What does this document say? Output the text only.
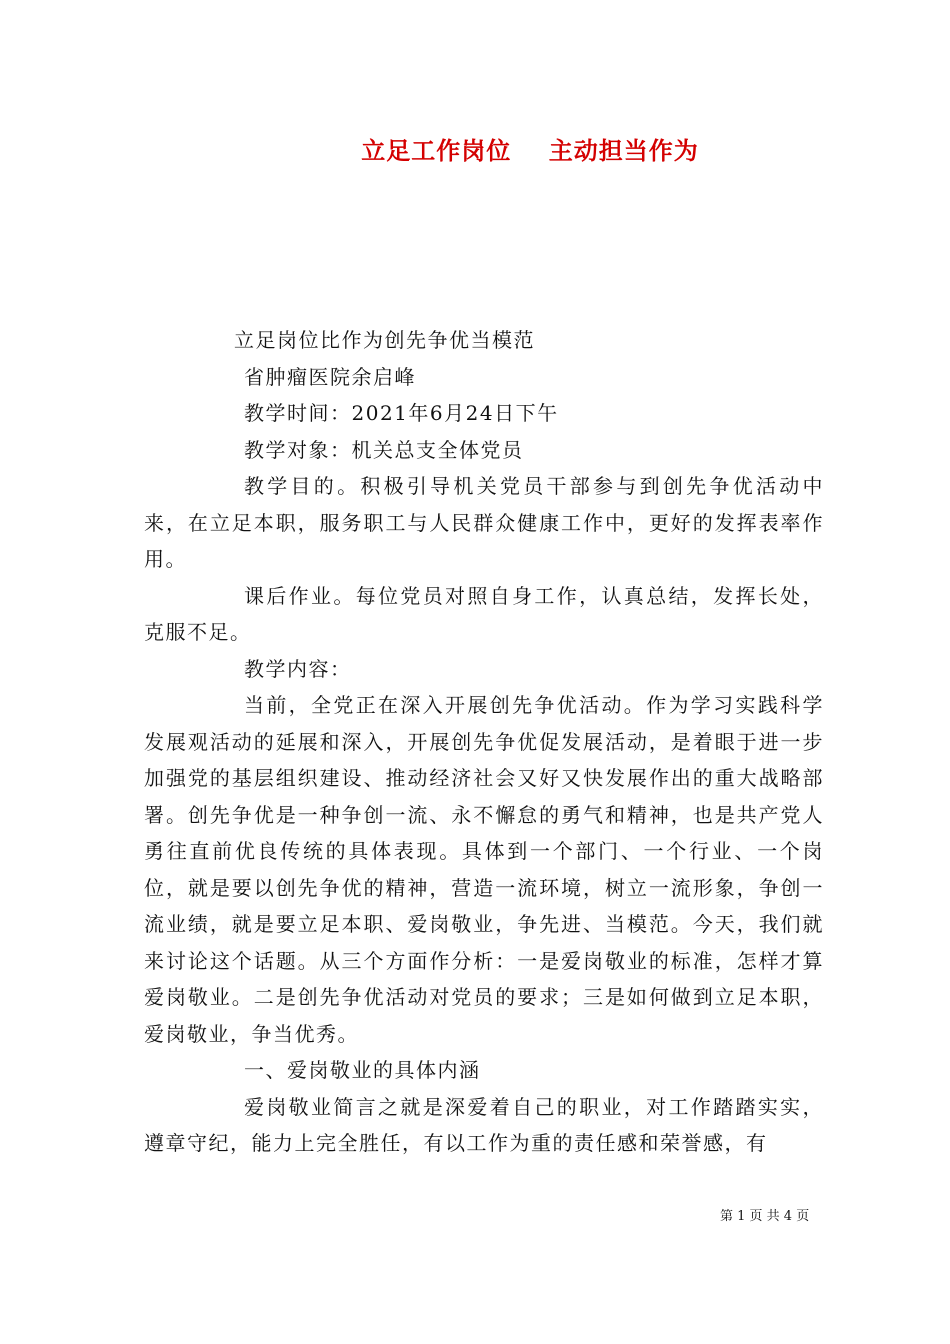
立足工作岗位    主动担当作为

立足岗位比作为创先争优当模范

省肿瘤医院余启峰

教学时间：2021年6月24日下午

教学对象：机关总支全体党员

教学目的。积极引导机关党员干部参与到创先争优活动中来，在立足本职，服务职工与人民群众健康工作中，更好的发挥表率作用。

课后作业。每位党员对照自身工作，认真总结，发挥长处，克服不足。

教学内容：

当前，全党正在深入开展创先争优活动。作为学习实践科学发展观活动的延展和深入，开展创先争优促发展活动，是着眼于进一步加强党的基层组织建设、推动经济社会又好又快发展作出的重大战略部署。创先争优是一种争创一流、永不懈怠的勇气和精神，也是共产党人勇往直前优良传统的具体表现。具体到一个部门、一个行业、一个岗位，就是要以创先争优的精神，营造一流环境，树立一流形象，争创一流业绩，就是要立足本职、爱岗敬业，争先进、当模范。今天，我们就来讨论这个话题。从三个方面作分析：一是爱岗敬业的标准，怎样才算爱岗敬业。二是创先争优活动对党员的要求；三是如何做到立足本职，爱岗敬业，争当优秀。

一、爱岗敬业的具体内涵

爱岗敬业简言之就是深爱着自己的职业，对工作踏踏实实，遵章守纪，能力上完全胜任，有以工作为重的责任感和荣誉感，有

第 1 页 共 4 页
